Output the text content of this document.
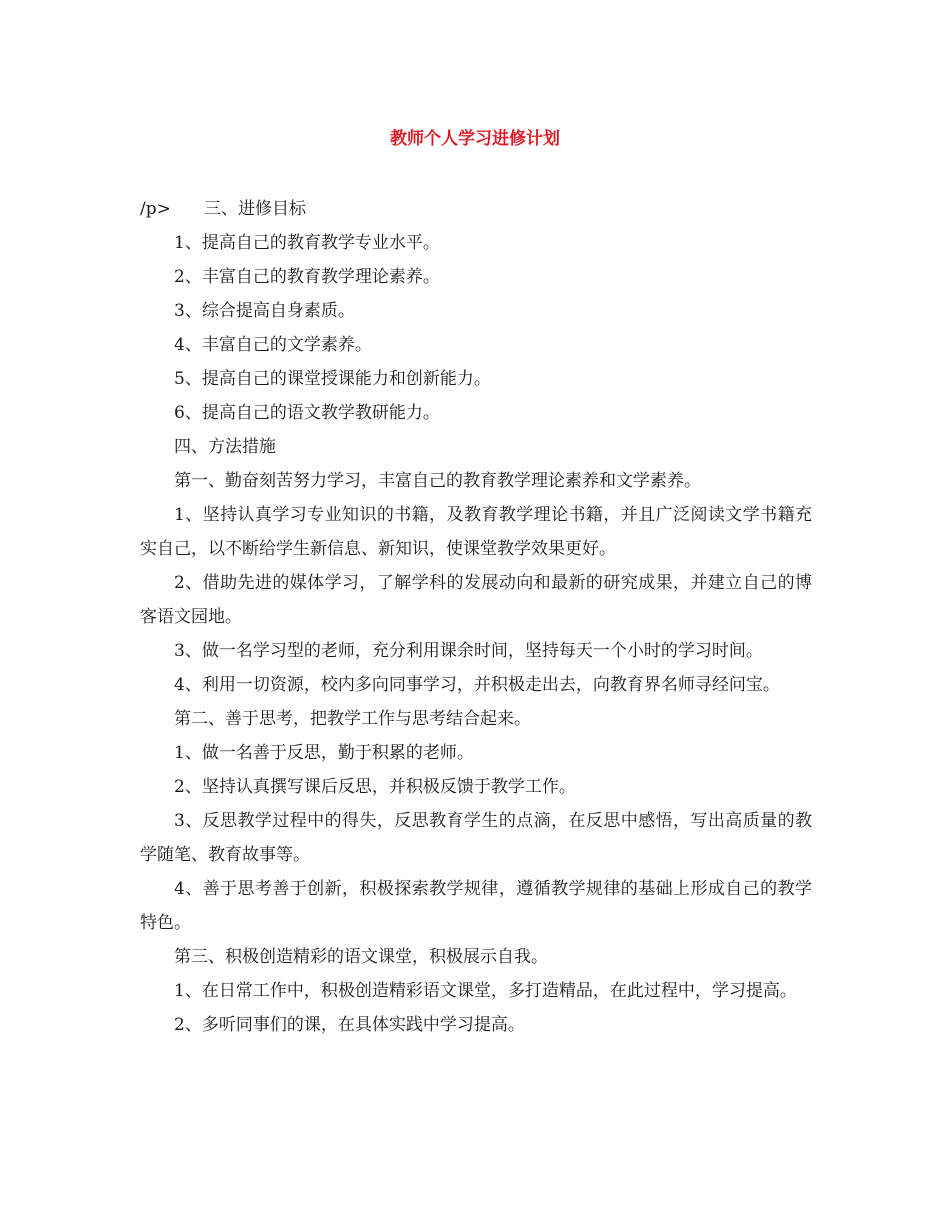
教师个人学习进修计划

/p> 三、进修目标

1、提高自己的教育教学专业水平。

2、丰富自己的教育教学理论素养。

3、综合提高自身素质。

4、丰富自己的文学素养。

5、提高自己的课堂授课能力和创新能力。

6、提高自己的语文教学教研能力。

四、方法措施

第一、勤奋刻苦努力学习，丰富自己的教育教学理论素养和文学素养。

1、坚持认真学习专业知识的书籍，及教育教学理论书籍，并且广泛阅读文学书籍充实自己，以不断给学生新信息、新知识，使课堂教学效果更好。

2、借助先进的媒体学习，了解学科的发展动向和最新的研究成果，并建立自己的博客语文园地。

3、做一名学习型的老师，充分利用课余时间，坚持每天一个小时的学习时间。

4、利用一切资源，校内多向同事学习，并积极走出去，向教育界名师寻经问宝。

第二、善于思考，把教学工作与思考结合起来。

1、做一名善于反思，勤于积累的老师。

2、坚持认真撰写课后反思，并积极反馈于教学工作。

3、反思教学过程中的得失，反思教育学生的点滴，在反思中感悟，写出高质量的教学随笔、教育故事等。

4、善于思考善于创新，积极探索教学规律，遵循教学规律的基础上形成自己的教学特色。

第三、积极创造精彩的语文课堂，积极展示自我。

1、在日常工作中，积极创造精彩语文课堂，多打造精品，在此过程中，学习提高。

2、多听同事们的课，在具体实践中学习提高。
